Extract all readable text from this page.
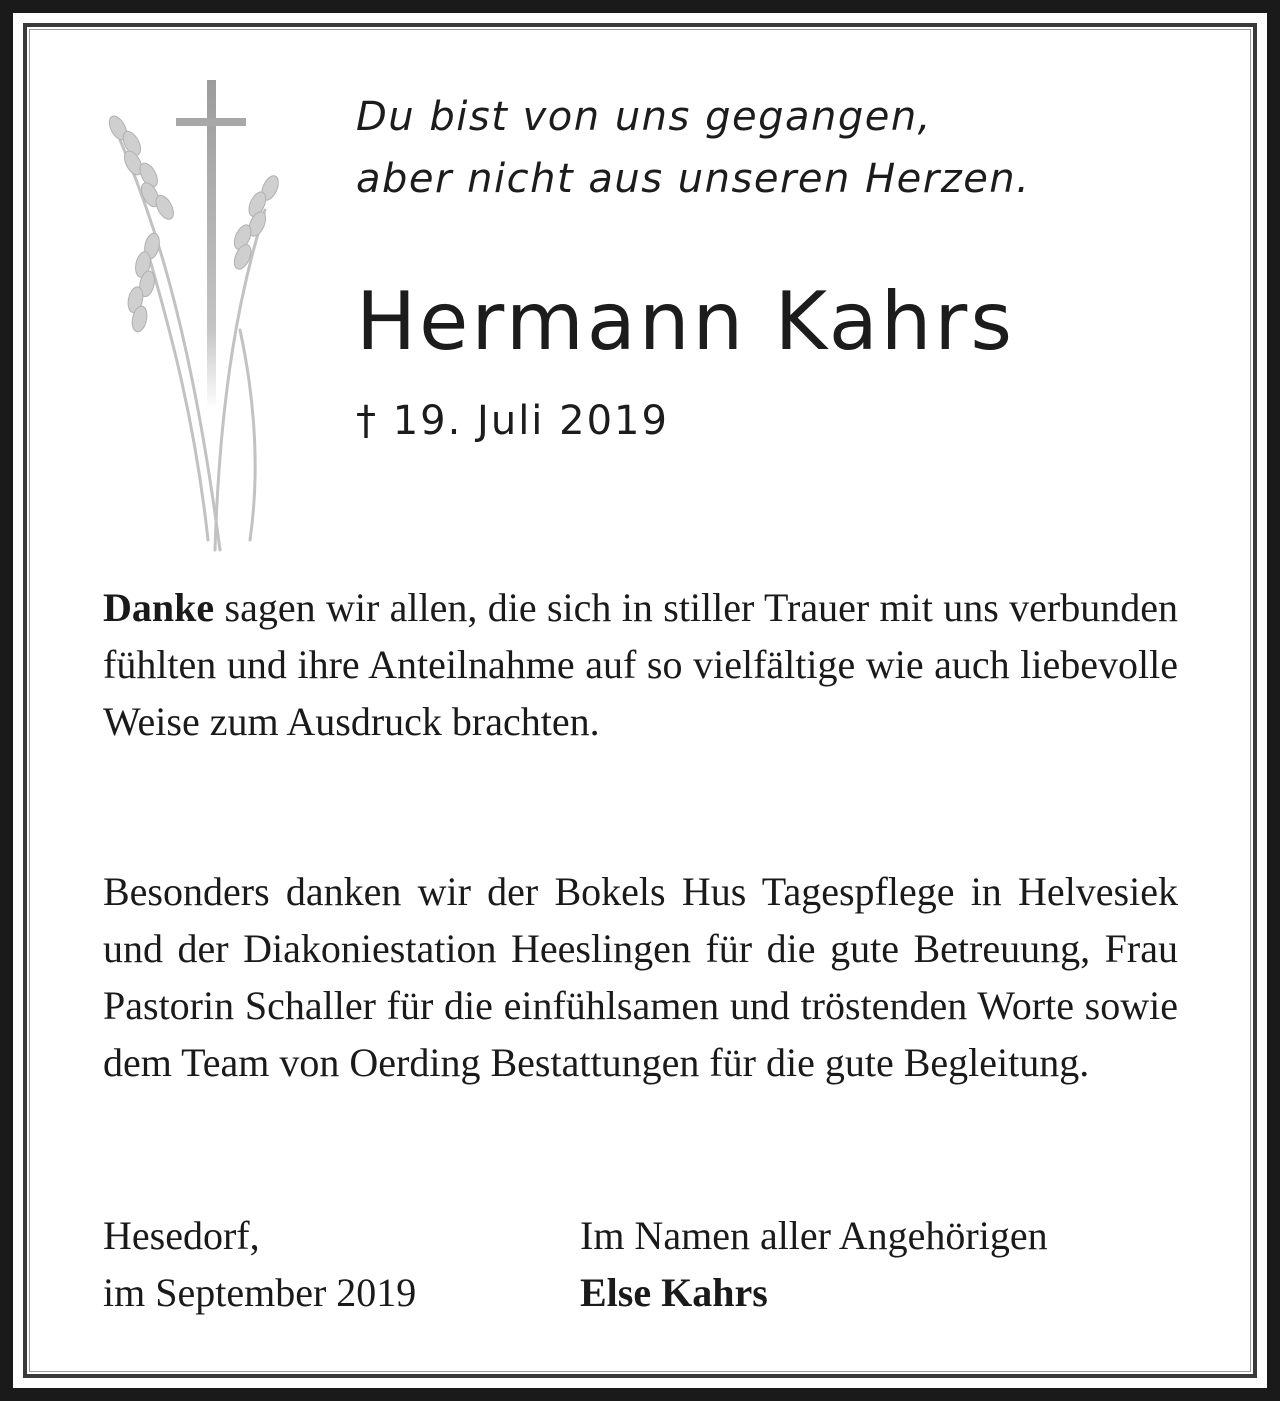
Du bist von uns gegangen,
aber nicht aus unseren Herzen.
Hermann Kahrs
† 19. Juli 2019
Danke sagen wir allen, die sich in stiller Trauer mit uns verbunden fühlten und ihre Anteilnahme auf so vielfältige wie auch liebevolle Weise zum Ausdruck brachten.
Besonders danken wir der Bokels Hus Tagespflege in Helvesiek und der Diakoniestation Heeslingen für die gute Betreuung, Frau Pastorin Schaller für die einfühlsamen und tröstenden Worte sowie dem Team von Oerding Bestattungen für die gute Begleitung.
Hesedorf,
im September 2019
Im Namen aller Angehörigen
Else Kahrs
